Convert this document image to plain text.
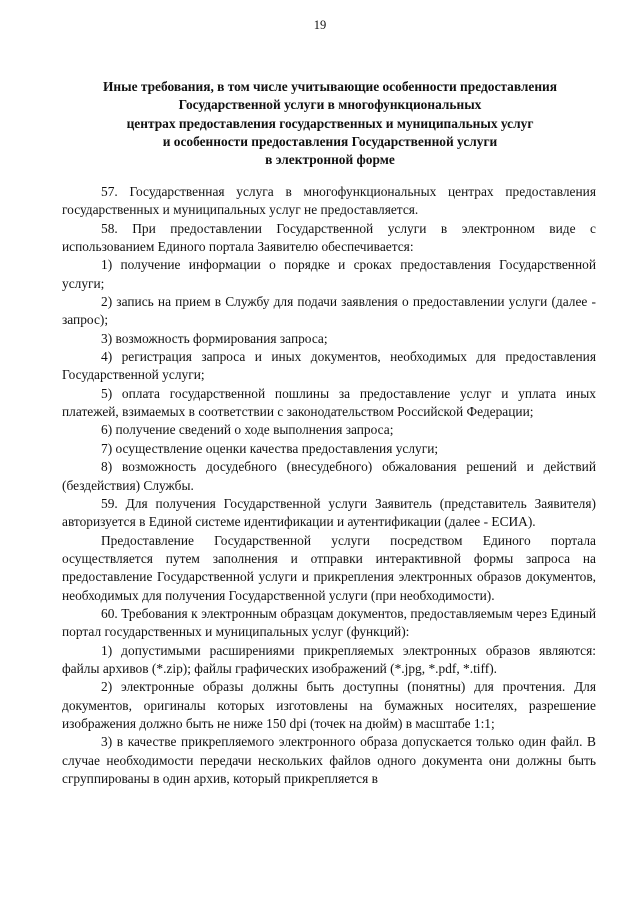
19
Иные требования, в том числе учитывающие особенности предоставления
Государственной услуги в многофункциональных
центрах предоставления государственных и муниципальных услуг
и особенности предоставления Государственной услуги
в электронной форме

57. Государственная услуга в многофункциональных центрах предоставления государственных и муниципальных услуг не предоставляется.

58. При предоставлении Государственной услуги в электронном виде с использованием Единого портала Заявителю обеспечивается:

1) получение информации о порядке и сроках предоставления Государственной услуги;

2) запись на прием в Службу для подачи заявления о предоставлении услуги (далее - запрос);

3) возможность формирования запроса;

4) регистрация запроса и иных документов, необходимых для предоставления Государственной услуги;

5) оплата государственной пошлины за предоставление услуг и уплата иных платежей, взимаемых в соответствии с законодательством Российской Федерации;

6) получение сведений о ходе выполнения запроса;

7) осуществление оценки качества предоставления услуги;

8) возможность досудебного (внесудебного) обжалования решений и действий (бездействия) Службы.

59. Для получения Государственной услуги Заявитель (представитель Заявителя) авторизуется в Единой системе идентификации и аутентификации (далее - ЕСИА).

Предоставление Государственной услуги посредством Единого портала осуществляется путем заполнения и отправки интерактивной формы запроса на предоставление Государственной услуги и прикрепления электронных образов документов, необходимых для получения Государственной услуги (при необходимости).

60. Требования к электронным образцам документов, предоставляемым через Единый портал государственных и муниципальных услуг (функций):

1) допустимыми расширениями прикрепляемых электронных образов являются: файлы архивов (*.zip); файлы графических изображений (*.jpg, *.pdf, *.tiff).

2) электронные образы должны быть доступны (понятны) для прочтения. Для документов, оригиналы которых изготовлены на бумажных носителях, разрешение изображения должно быть не ниже 150 dpi (точек на дюйм) в масштабе 1:1;

3) в качестве прикрепляемого электронного образа допускается только один файл. В случае необходимости передачи нескольких файлов одного документа они должны быть сгруппированы в один архив, который прикрепляется в
